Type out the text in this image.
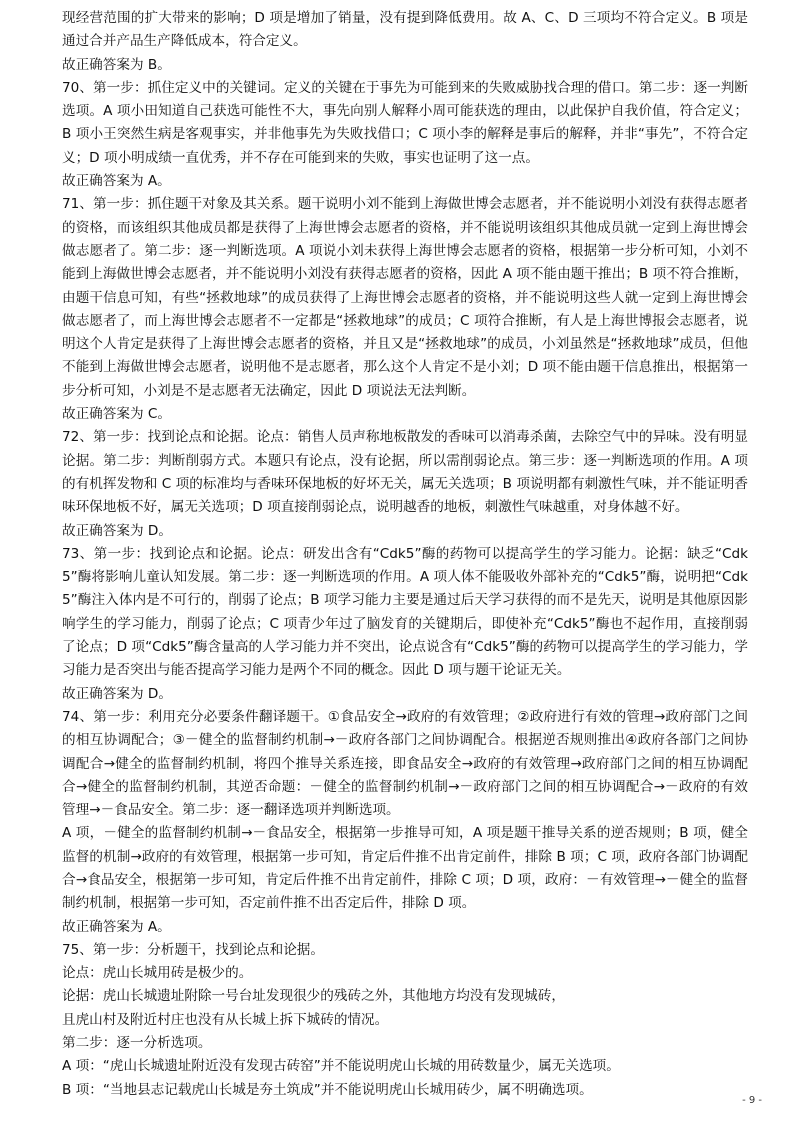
现经营范围的扩大带来的影响；D 项是增加了销量，没有提到降低费用。故 A、C、D 三项均不符合定义。B 项是通过合并产品生产降低成本，符合定义。

故正确答案为 B。

70、第一步：抓住定义中的关键词。定义的关键在于事先为可能到来的失败威胁找合理的借口。第二步：逐一判断选项。A 项小田知道自己获选可能性不大，事先向别人解释小周可能获选的理由，以此保护自我价值，符合定义；B 项小王突然生病是客观事实，并非他事先为失败找借口；C 项小李的解释是事后的解释，并非“事先”，不符合定义；D 项小明成绩一直优秀，并不存在可能到来的失败，事实也证明了这一点。

故正确答案为 A。

71、第一步：抓住题干对象及其关系。题干说明小刘不能到上海做世博会志愿者，并不能说明小刘没有获得志愿者的资格，而该组织其他成员都是获得了上海世博会志愿者的资格，并不能说明该组织其他成员就一定到上海世博会做志愿者了。第二步：逐一判断选项。A 项说小刘未获得上海世博会志愿者的资格，根据第一步分析可知，小刘不能到上海做世博会志愿者，并不能说明小刘没有获得志愿者的资格，因此 A 项不能由题干推出；B 项不符合推断，由题干信息可知，有些“拯救地球”的成员获得了上海世博会志愿者的资格，并不能说明这些人就一定到上海世博会做志愿者了，而上海世博会志愿者不一定都是“拯救地球”的成员；C 项符合推断，有人是上海世博报会志愿者，说明这个人肯定是获得了上海世博会志愿者的资格，并且又是“拯救地球”的成员，小刘虽然是“拯救地球”成员，但他不能到上海做世博会志愿者，说明他不是志愿者，那么这个人肯定不是小刘；D 项不能由题干信息推出，根据第一步分析可知，小刘是不是志愿者无法确定，因此 D 项说法无法判断。

故正确答案为 C。

72、第一步：找到论点和论据。论点：销售人员声称地板散发的香味可以消毒杀菌，去除空气中的异味。没有明显论据。第二步：判断削弱方式。本题只有论点，没有论据，所以需削弱论点。第三步：逐一判断选项的作用。A 项的有机挥发物和 C 项的标准均与香味环保地板的好坏无关，属无关选项；B 项说明都有刺激性气味，并不能证明香味环保地板不好，属无关选项；D 项直接削弱论点，说明越香的地板，刺激性气味越重，对身体越不好。

故正确答案为 D。

73、第一步：找到论点和论据。论点：研发出含有“Cdk5”酶的药物可以提高学生的学习能力。论据：缺乏“Cdk5”酶将影响儿童认知发展。第二步：逐一判断选项的作用。A 项人体不能吸收外部补充的“Cdk5”酶，说明把“Cdk5”酶注入体内是不可行的，削弱了论点；B 项学习能力主要是通过后天学习获得的而不是先天，说明是其他原因影响学生的学习能力，削弱了论点；C 项青少年过了脑发育的关键期后，即使补充“Cdk5”酶也不起作用，直接削弱了论点；D 项“Cdk5”酶含量高的人学习能力并不突出，论点说含有“Cdk5”酶的药物可以提高学生的学习能力，学习能力是否突出与能否提高学习能力是两个不同的概念。因此 D 项与题干论证无关。

故正确答案为 D。

74、第一步：利用充分必要条件翻译题干。①食品安全→政府的有效管理；②政府进行有效的管理→政府部门之间的相互协调配合；③－健全的监督制约机制→－政府各部门之间协调配合。根据逆否规则推出④政府各部门之间协调配合→健全的监督制约机制，将四个推导关系连接，即食品安全→政府的有效管理→政府部门之间的相互协调配合→健全的监督制约机制，其逆否命题：－健全的监督制约机制→－政府部门之间的相互协调配合→－政府的有效管理→－食品安全。第二步：逐一翻译选项并判断选项。

A 项，－健全的监督制约机制→－食品安全，根据第一步推导可知，A 项是题干推导关系的逆否规则；B 项，健全监督的机制→政府的有效管理，根据第一步可知，肯定后件推不出肯定前件，排除 B 项；C 项，政府各部门协调配合→食品安全，根据第一步可知，肯定后件推不出肯定前件，排除 C 项；D 项，政府：－有效管理→－健全的监督制约机制，根据第一步可知，否定前件推不出否定后件，排除 D 项。

故正确答案为 A。

75、第一步：分析题干，找到论点和论据。

论点：虎山长城用砖是极少的。

论据：虎山长城遗址附除一号台址发现很少的残砖之外，其他地方均没有发现城砖，

且虎山村及附近村庄也没有从长城上拆下城砖的情况。

第二步：逐一分析选项。

A 项：“虎山长城遗址附近没有发现古砖窑”并不能说明虎山长城的用砖数量少，属无关选项。

B 项：“当地县志记载虎山长城是夯土筑成”并不能说明虎山长城用砖少，属不明确选项。

- 9 -
